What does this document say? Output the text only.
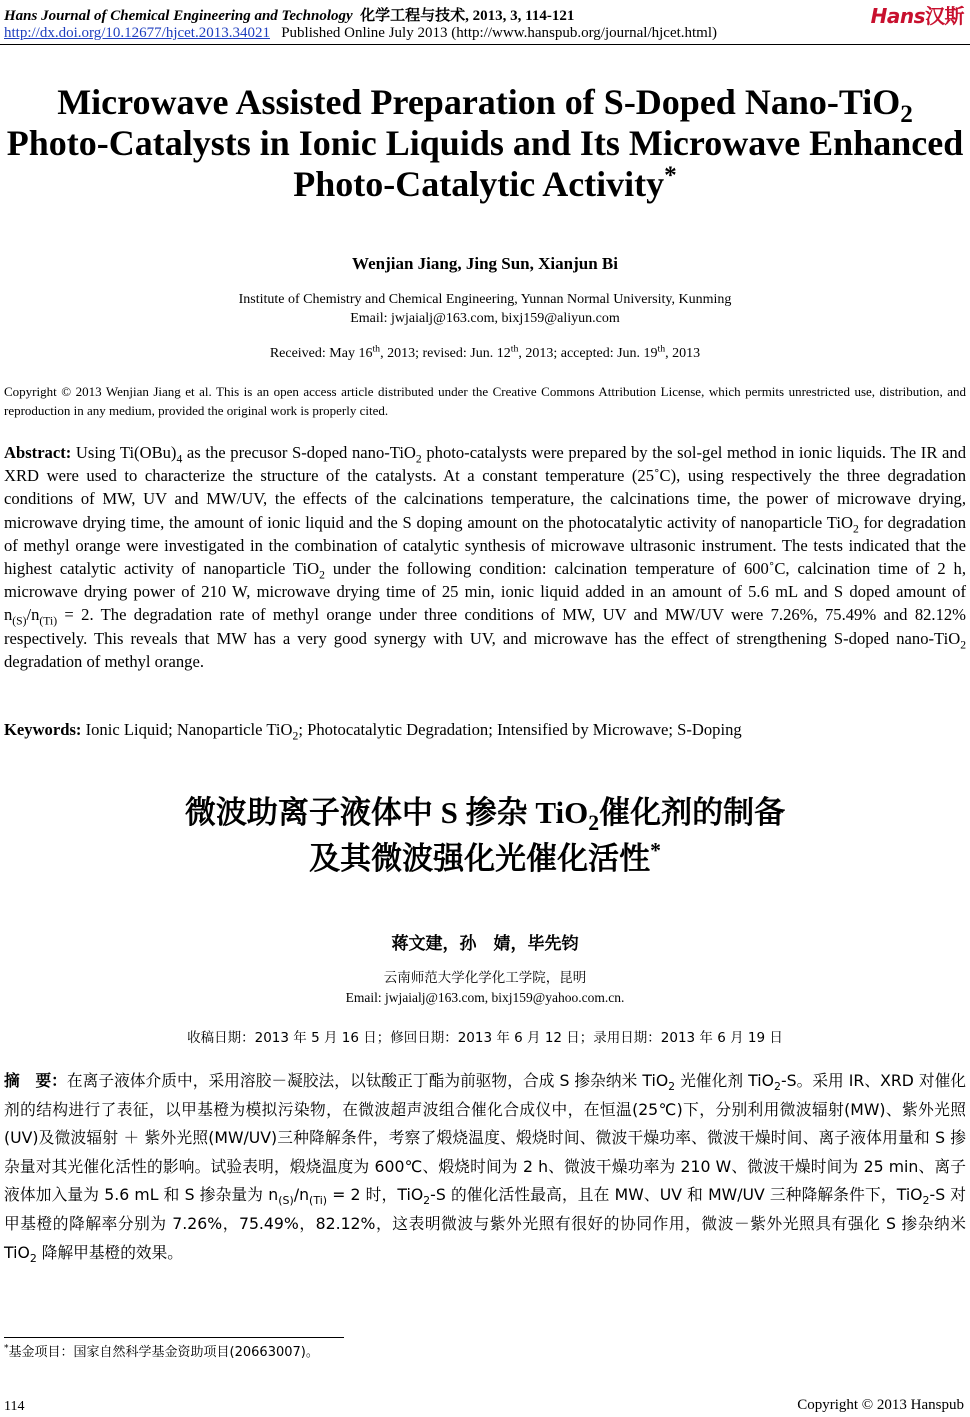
Hans Journal of Chemical Engineering and Technology 化学工程与技术, 2013, 3, 114-121	Hans汉斯
http://dx.doi.org/10.12677/hjcet.2013.34021 Published Online July 2013 (http://www.hanspub.org/journal/hjcet.html)
Microwave Assisted Preparation of S-Doped Nano-TiO$_2$
Photo-Catalysts in Ionic Liquids and Its Microwave Enhanced
Photo-Catalytic Activity*
Wenjian Jiang, Jing Sun, Xianjun Bi
Institute of Chemistry and Chemical Engineering, Yunnan Normal University, Kunming
Email: jwjaialj@163.com, bixj159@aliyun.com
Received: May 16th, 2013; revised: Jun. 12th, 2013; accepted: Jun. 19th, 2013
Copyright © 2013 Wenjian Jiang et al. This is an open access article distributed under the Creative Commons Attribution License, which permits unrestricted use, distribution, and reproduction in any medium, provided the original work is properly cited.
Abstract: Using $Ti(OBu)_4$ as the precusor S-doped nano-TiO$_2$ photo-catalysts were prepared by the sol-gel method in ionic liquids. The IR and XRD were used to characterize the structure of the catalysts. At a constant temperature (25˚C), using respectively the three degradation conditions of MW, UV and MW/UV, the effects of the calcinations temperature, the calcinations time, the power of microwave drying, microwave drying time, the amount of ionic liquid and the S doping amount on the photocatalytic activity of nanoparticle TiO$_2$ for degradation of methyl orange were investigated in the combination of catalytic synthesis of microwave ultrasonic instrument. The tests indicated that the highest catalytic activity of nanoparticle TiO$_2$ under the following condition: calcination temperature of 600˚C, calcination time of 2 h, microwave drying power of 210 W, microwave drying time of 25 min, ionic liquid added in an amount of 5.6 mL and S doped amount of $n_{(S)}/n_{(Ti)} = 2$. The degradation rate of methyl orange under three conditions of MW, UV and MW/UV were 7.26%, 75.49% and 82.12% respectively. This reveals that MW has a very good synergy with UV, and microwave has the effect of strengthening S-doped nano-TiO$_2$ degradation of methyl orange.
Keywords: Ionic Liquid; Nanoparticle TiO$_2$; Photocatalytic Degradation; Intensified by Microwave; S-Doping
微波助离子液体中 S 掺杂 TiO$_2$催化剂的制备
及其微波强化光催化活性*
蒋文建，孙　婧，毕先钧
云南师范大学化学化工学院，昆明
Email: jwjaialj@163.com, bixj159@yahoo.com.cn.
收稿日期：2013 年 5 月 16 日；修回日期：2013 年 6 月 12 日；录用日期：2013 年 6 月 19 日
摘　要：在离子液体介质中，采用溶胶－凝胶法，以钛酸正丁酯为前驱物，合成 S 掺杂纳米 TiO$_2$ 光催化剂 TiO$_2$-S。采用 IR、XRD 对催化剂的结构进行了表征，以甲基橙为模拟污染物，在微波超声波组合催化合成仪中，在恒温(25℃)下，分别利用微波辐射(MW)、紫外光照(UV)及微波辐射 ＋ 紫外光照(MW/UV)三种降解条件，考察了煅烧温度、煅烧时间、微波干燥功率、微波干燥时间、离子液体用量和 S 掺杂量对其光催化活性的影响。试验表明，煅烧温度为 600℃、煅烧时间为 2 h、微波干燥功率为 210 W、微波干燥时间为 25 min、离子液体加入量为 5.6 mL 和 S 掺杂量为 $n_{(S)}/n_{(Ti)} = 2$ 时，TiO$_2$-S 的催化活性最高，且在 MW、UV 和 MW/UV 三种降解条件下，TiO$_2$-S 对甲基橙的降解率分别为 7.26%，75.49%，82.12%，这表明微波与紫外光照有很好的协同作用，微波－紫外光照具有强化 S 掺杂纳米 TiO$_2$ 降解甲基橙的效果。
*基金项目：国家自然科学基金资助项目(20663007)。
114	Copyright © 2013 Hanspub
